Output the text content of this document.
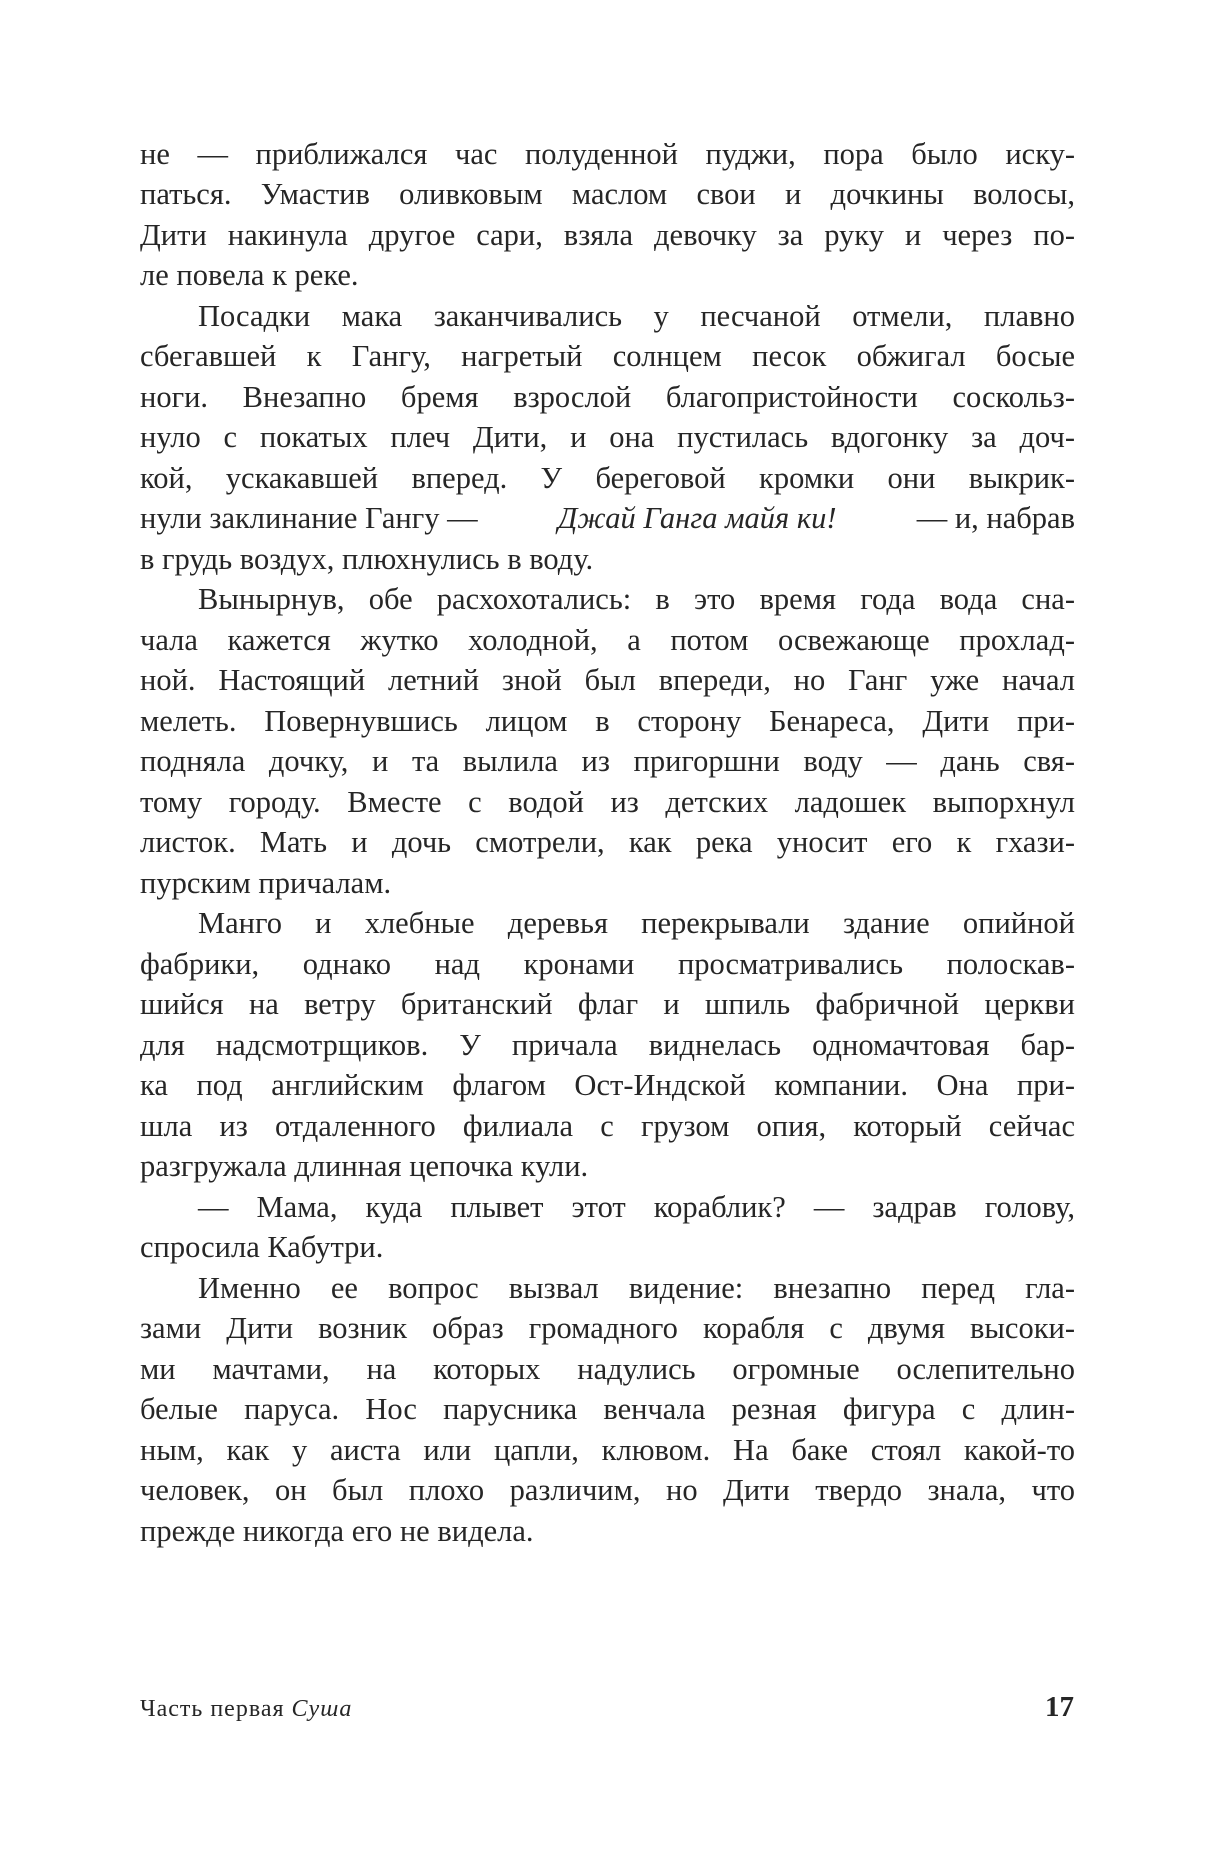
не — приближался час полуденной пуджи, пора было иску-
паться. Умастив оливковым маслом свои и дочкины волосы,
Дити накинула другое сари, взяла девочку за руку и через по-
ле повела к реке.
Посадки мака заканчивались у песчаной отмели, плавно
сбегавшей к Гангу, нагретый солнцем песок обжигал босые
ноги. Внезапно бремя взрослой благопристойности соскольз-
нуло с покатых плеч Дити, и она пустилась вдогонку за доч-
кой, ускакавшей вперед. У береговой кромки они выкрик-
нули заклинание Гангу —	Джай Ганга майя ки!	— и, набрав
в грудь воздух, плюхнулись в воду.
Вынырнув, обе расхохотались: в это время года вода сна-
чала кажется жутко холодной, а потом освежающе прохлад-
ной. Настоящий летний зной был впереди, но Ганг уже начал
мелеть. Повернувшись лицом в сторону Бенареса, Дити при-
подняла дочку, и та вылила из пригоршни воду — дань свя-
тому городу. Вместе с водой из детских ладошек выпорхнул
листок. Мать и дочь смотрели, как река уносит его к гхази-
пурским причалам.
Манго и хлебные деревья перекрывали здание опийной
фабрики, однако над кронами просматривались полоскав-
шийся на ветру британский флаг и шпиль фабричной церкви
для надсмотрщиков. У причала виднелась одномачтовая бар-
ка под английским флагом Ост-Индской компании. Она при-
шла из отдаленного филиала с грузом опия, который сейчас
разгружала длинная цепочка кули.
— Мама, куда плывет этот кораблик? — задрав голову,
спросила Кабутри.
Именно ее вопрос вызвал видение: внезапно перед гла-
зами Дити возник образ громадного корабля с двумя высоки-
ми мачтами, на которых надулись огромные ослепительно
белые паруса. Нос парусника венчала резная фигура с длин-
ным, как у аиста или цапли, клювом. На баке стоял какой-то
человек, он был плохо различим, но Дити твердо знала, что
прежде никогда его не видела.
Часть первая Суша	17
